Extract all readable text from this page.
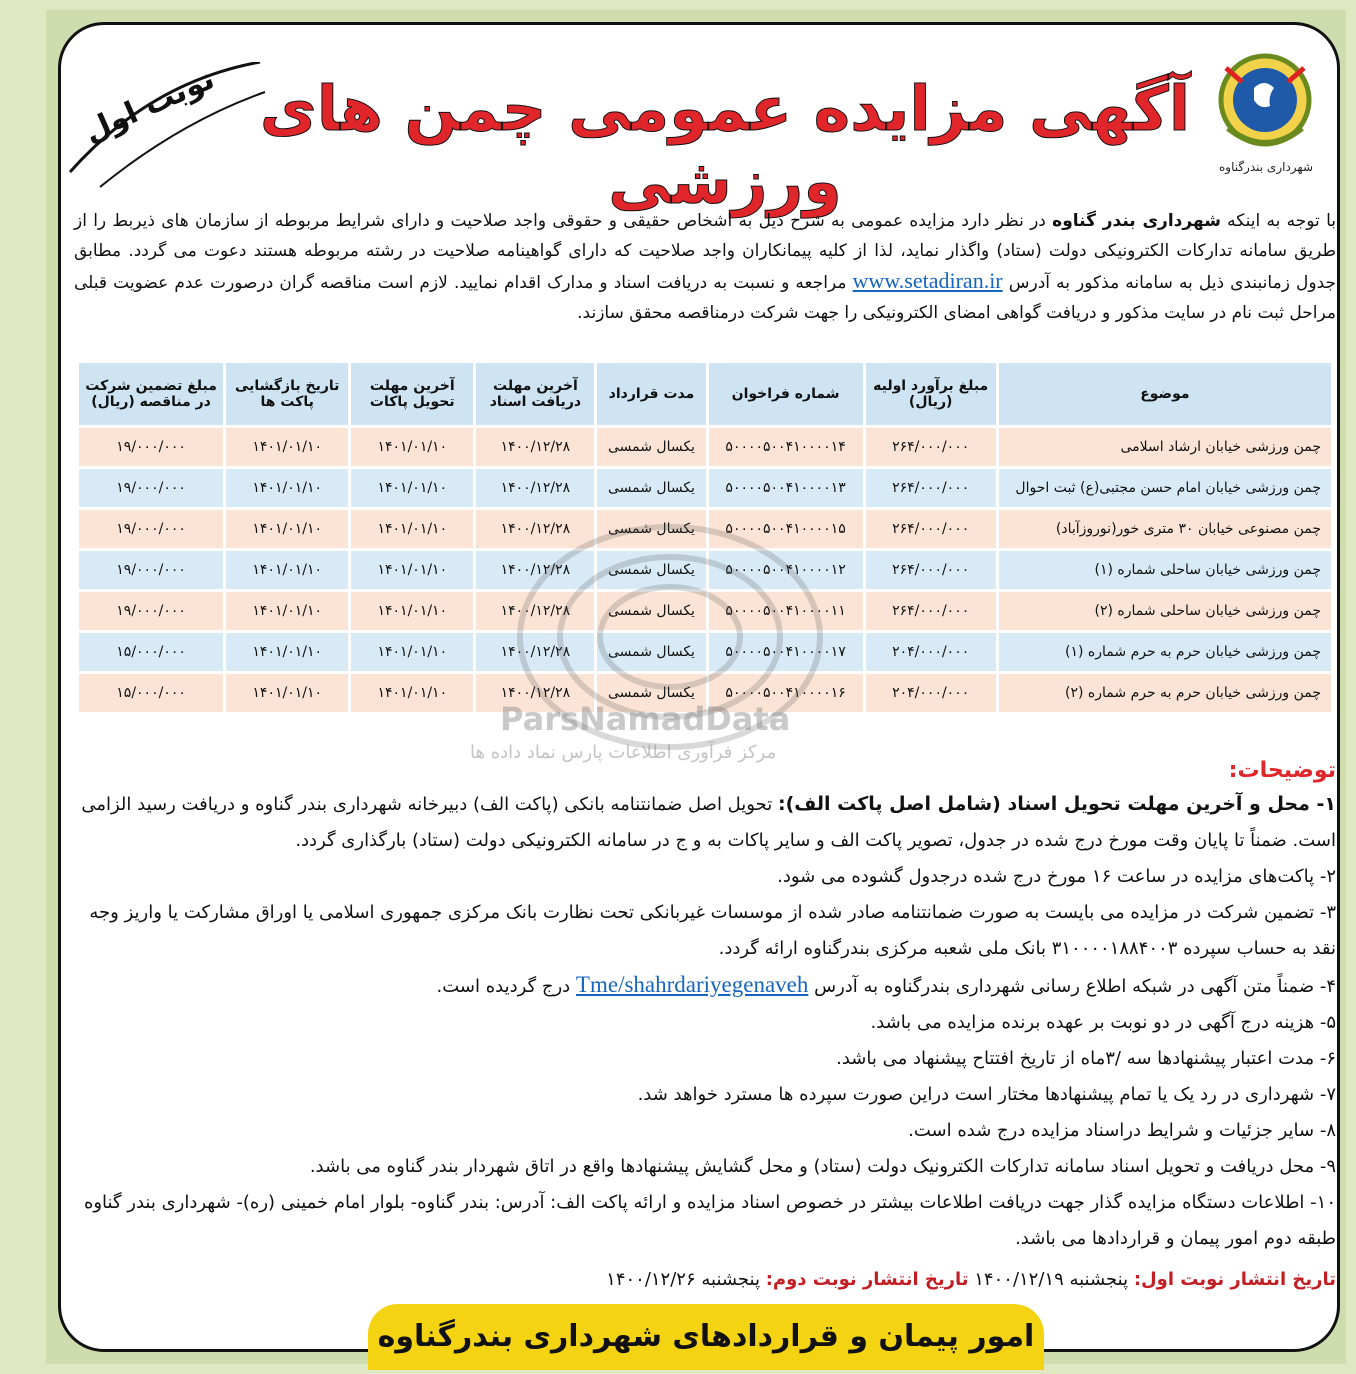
شهرداری بندرگناوه
نوبت اول آگهی مزایده عمومی چمن های ورزشی
با توجه به اینکه شهرداری بندر گناوه در نظر دارد مزایده عمومی به شرح ذیل به اشخاص حقیقی و حقوقی واجد صلاحیت و دارای شرایط مربوطه از سازمان های ذیربط را از طریق سامانه تدارکات الکترونیکی دولت (ستاد) واگذار نماید، لذا از کلیه پیمانکاران واجد صلاحیت که دارای گواهینامه صلاحیت در رشته مربوطه هستند دعوت می گردد. مطابق جدول زمانبندی ذیل به سامانه مذکور به آدرس www.setadiran.ir مراجعه و نسبت به دریافت اسناد و مدارک اقدام نمایید. لازم است مناقصه گران درصورت عدم عضویت قبلی مراحل ثبت نام در سایت مذکور و دریافت گواهی امضای الکترونیکی را جهت شرکت درمناقصه محقق سازند.
موضوع	مبلغ برآورد اولیه (ریال)	شماره فراخوان	مدت قرارداد	آخرین مهلت دریافت اسناد	آخرین مهلت تحویل پاکات	تاریخ بازگشایی پاکت ها	مبلغ تضمین شرکت در مناقصه (ریال)
چمن ورزشی خیابان ارشاد اسلامی	۲۶۴/۰۰۰/۰۰۰	۵۰۰۰۰۵۰۰۴۱۰۰۰۰۱۴	یکسال شمسی	۱۴۰۰/۱۲/۲۸	۱۴۰۱/۰۱/۱۰	۱۴۰۱/۰۱/۱۰	۱۹/۰۰۰/۰۰۰
چمن ورزشی خیابان امام حسن مجتبی(ع) ثبت احوال	۲۶۴/۰۰۰/۰۰۰	۵۰۰۰۰۵۰۰۴۱۰۰۰۰۱۳	یکسال شمسی	۱۴۰۰/۱۲/۲۸	۱۴۰۱/۰۱/۱۰	۱۴۰۱/۰۱/۱۰	۱۹/۰۰۰/۰۰۰
چمن مصنوعی خیابان ۳۰ متری خور(نوروزآباد)	۲۶۴/۰۰۰/۰۰۰	۵۰۰۰۰۵۰۰۴۱۰۰۰۰۱۵	یکسال شمسی	۱۴۰۰/۱۲/۲۸	۱۴۰۱/۰۱/۱۰	۱۴۰۱/۰۱/۱۰	۱۹/۰۰۰/۰۰۰
چمن ورزشی خیابان ساحلی شماره (۱)	۲۶۴/۰۰۰/۰۰۰	۵۰۰۰۰۵۰۰۴۱۰۰۰۰۱۲	یکسال شمسی	۱۴۰۰/۱۲/۲۸	۱۴۰۱/۰۱/۱۰	۱۴۰۱/۰۱/۱۰	۱۹/۰۰۰/۰۰۰
چمن ورزشی خیابان ساحلی شماره (۲)	۲۶۴/۰۰۰/۰۰۰	۵۰۰۰۰۵۰۰۴۱۰۰۰۰۱۱	یکسال شمسی	۱۴۰۰/۱۲/۲۸	۱۴۰۱/۰۱/۱۰	۱۴۰۱/۰۱/۱۰	۱۹/۰۰۰/۰۰۰
چمن ورزشی خیابان حرم به حرم شماره (۱)	۲۰۴/۰۰۰/۰۰۰	۵۰۰۰۰۵۰۰۴۱۰۰۰۰۱۷	یکسال شمسی	۱۴۰۰/۱۲/۲۸	۱۴۰۱/۰۱/۱۰	۱۴۰۱/۰۱/۱۰	۱۵/۰۰۰/۰۰۰
چمن ورزشی خیابان حرم به حرم شماره (۲)	۲۰۴/۰۰۰/۰۰۰	۵۰۰۰۰۵۰۰۴۱۰۰۰۰۱۶	یکسال شمسی	۱۴۰۰/۱۲/۲۸	۱۴۰۱/۰۱/۱۰	۱۴۰۱/۰۱/۱۰	۱۵/۰۰۰/۰۰۰
ParsNamadData
مرکز فرآوری اطلاعات پارس نماد داده ها

توضیحات:

۱- محل و آخرین مهلت تحویل اسناد (شامل اصل پاکت الف): تحویل اصل ضمانتنامه بانکی (پاکت الف) دبیرخانه شهرداری بندر گناوه و دریافت رسید الزامی است. ضمناً تا پایان وقت مورخ درج شده در جدول، تصویر پاکت الف و سایر پاکات به و ج در سامانه الکترونیکی دولت (ستاد) بارگذاری گردد.

۲- پاکت‌های مزایده در ساعت ۱۶ مورخ درج شده درجدول گشوده می شود.

۳- تضمین شرکت در مزایده می بایست به صورت ضمانتنامه صادر شده از موسسات غیربانکی تحت نظارت بانک مرکزی جمهوری اسلامی یا اوراق مشارکت یا واریز وجه نقد به حساب سپرده ۳۱۰۰۰۰۱۸۸۴۰۰۳ بانک ملی شعبه مرکزی بندرگناوه ارائه گردد.

۴- ضمناً متن آگهی در شبکه اطلاع رسانی شهرداری بندرگناوه به آدرس Tme/shahrdariyegenaveh درج گردیده است.

۵- هزینه درج آگهی در دو نوبت بر عهده برنده مزایده می باشد.

۶- مدت اعتبار پیشنهادها سه /۳ماه از تاریخ افتتاح پیشنهاد می باشد.

۷- شهرداری در رد یک یا تمام پیشنهادها مختار است دراین صورت سپرده ها مسترد خواهد شد.

۸- سایر جزئیات و شرایط دراسناد مزایده درج شده است.

۹- محل دریافت و تحویل اسناد سامانه تدارکات الکترونیک دولت (ستاد) و محل گشایش پیشنهادها واقع در اتاق شهردار بندر گناوه می باشد.

۱۰- اطلاعات دستگاه مزایده گذار جهت دریافت اطلاعات بیشتر در خصوص اسناد مزایده و ارائه پاکت الف: آدرس: بندر گناوه- بلوار امام خمینی (ره)- شهرداری بندر گناوه طبقه دوم امور پیمان و قراردادها می باشد.

تاریخ انتشار نوبت اول: پنجشنبه ۱۴۰۰/۱۲/۱۹ تاریخ انتشار نوبت دوم: پنجشنبه ۱۴۰۰/۱۲/۲۶
امور پیمان و قراردادهای شهرداری بندرگناوه
